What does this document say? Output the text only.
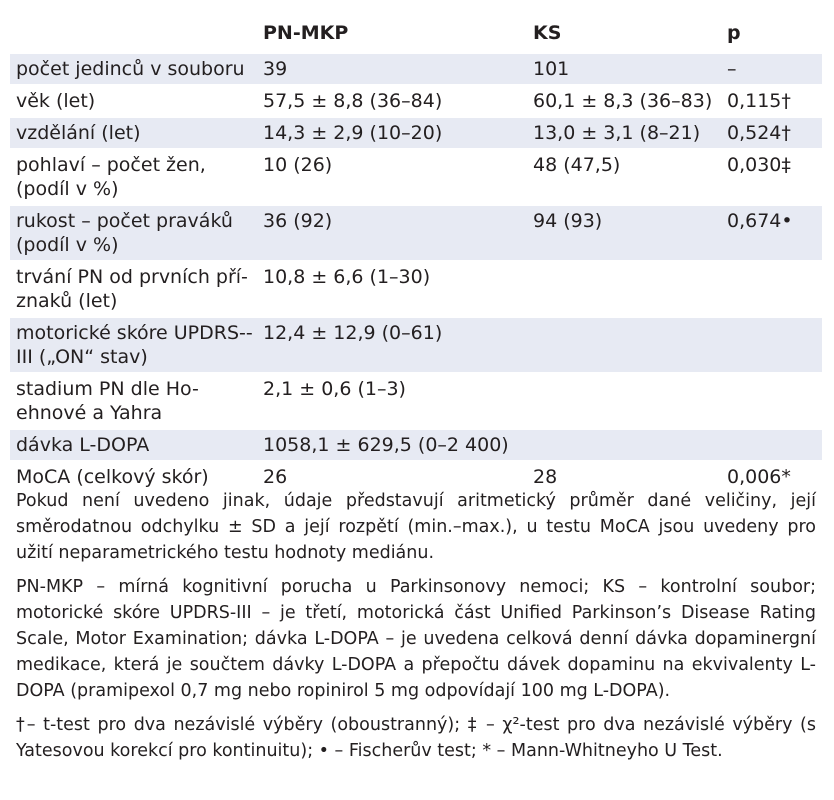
	PN-MKP	KS	p
počet jedinců v souboru	39	101	–
věk (let)	57,5 ± 8,8 (36–84)	60,1 ± 8,3 (36–83)	0,115†
vzdělání (let)	14,3 ± 2,9 (10–20)	13,0 ± 3,1 (8–21)	0,524†
pohlaví – počet žen, (podíl v %)	10 (26)	48 (47,5)	0,030‡
rukost – počet praváků (podíl v %)	36 (92)	94 (93)	0,674•
trvání PN od prvních pří-znaků (let)	10,8 ± 6,6 (1–30)		
motorické skóre UPDRS--III („ON“ stav)	12,4 ± 12,9 (0–61)		
stadium PN dle Ho-ehnové a Yahra	2,1 ± 0,6 (1–3)		
dávka L-DOPA	1058,1 ± 629,5 (0–2 400)		
MoCA (celkový skór)	26	28	0,006*

Pokud není uvedeno jinak, údaje představují aritmetický průměr dané veličiny, její směrodatnou odchylku ± SD a její rozpětí (min.–max.), u testu MoCA jsou uvedeny pro užití neparametrického testu hodnoty mediánu.

PN-MKP – mírná kognitivní porucha u Parkinsonovy nemoci; KS – kontrolní soubor; motorické skóre UPDRS-III – je třetí, motorická část Unified Parkinson’s Disease Rating Scale, Motor Examination; dávka L-DOPA – je uvedena celková denní dávka dopaminergní medikace, která je součtem dávky L-DOPA a přepočtu dávek dopaminu na ekvivalenty L-DOPA (pramipexol 0,7 mg nebo ropinirol 5 mg odpovídají 100 mg L-DOPA).

†– t-test pro dva nezávislé výběry (oboustranný); ‡ – χ²-test pro dva nezávislé výběry (s Yatesovou korekcí pro kontinuitu); • – Fischerův test; * – Mann-Whitneyho U Test.
